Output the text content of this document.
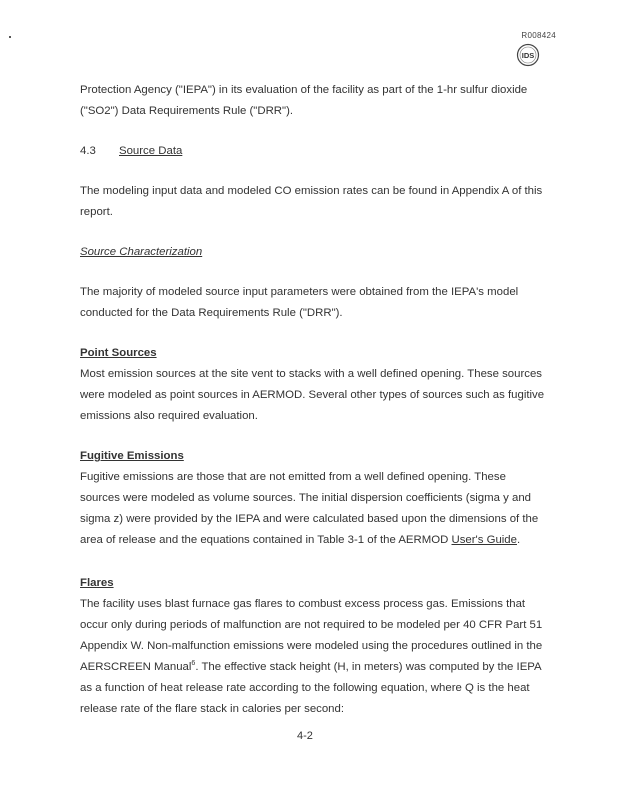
R008424
IDS

Protection Agency ("IEPA") in its evaluation of the facility as part of the 1-hr sulfur dioxide ("SO2") Data Requirements Rule ("DRR").

4.3	Source Data

The modeling input data and modeled CO emission rates can be found in Appendix A of this report.

Source Characterization

The majority of modeled source input parameters were obtained from the IEPA's model conducted for the Data Requirements Rule ("DRR").

Point Sources

Most emission sources at the site vent to stacks with a well defined opening. These sources were modeled as point sources in AERMOD. Several other types of sources such as fugitive emissions also required evaluation.

Fugitive Emissions

Fugitive emissions are those that are not emitted from a well defined opening. These sources were modeled as volume sources. The initial dispersion coefficients (sigma y and sigma z) were provided by the IEPA and were calculated based upon the dimensions of the area of release and the equations contained in Table 3-1 of the AERMOD User's Guide.

Flares

The facility uses blast furnace gas flares to combust excess process gas. Emissions that occur only during periods of malfunction are not required to be modeled per 40 CFR Part 51 Appendix W. Non-malfunction emissions were modeled using the procedures outlined in the AERSCREEN Manual$^6$. The effective stack height (H, in meters) was computed by the IEPA as a function of heat release rate according to the following equation, where Q is the heat release rate of the flare stack in calories per second:

4-2
